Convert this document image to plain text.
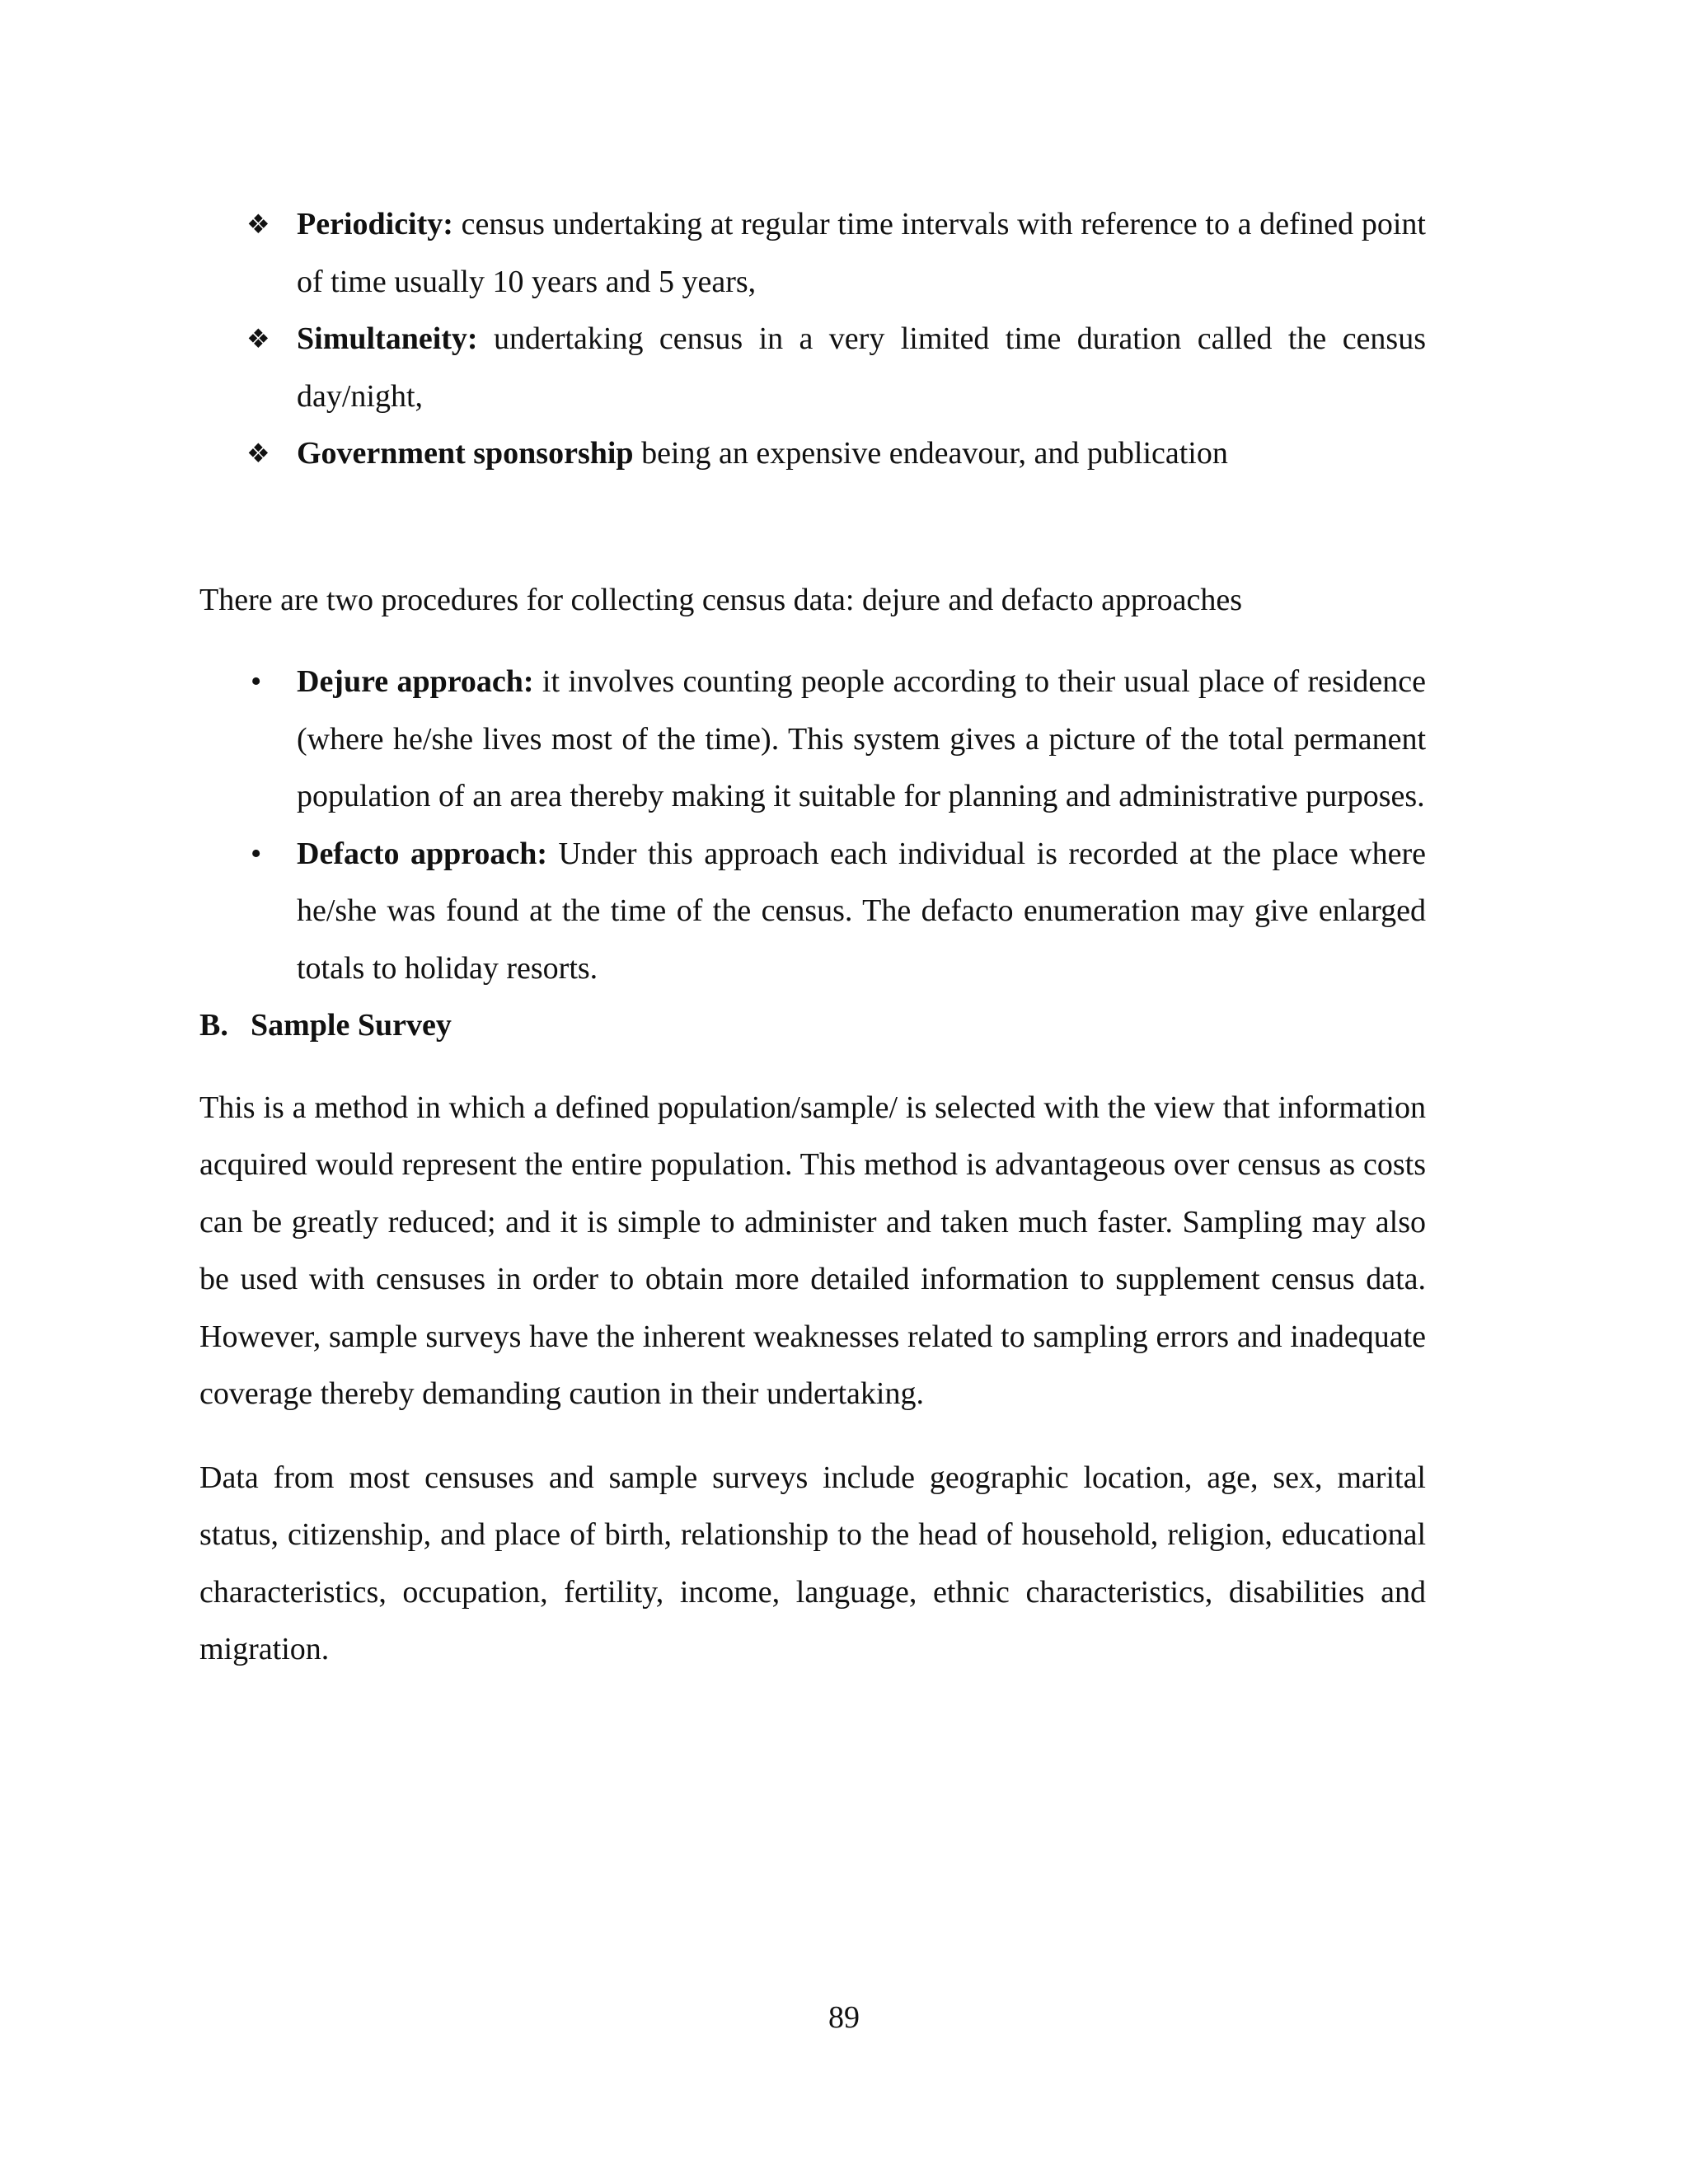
❖ Periodicity: census undertaking at regular time intervals with reference to a defined point of time usually 10 years and 5 years,
❖ Simultaneity: undertaking census in a very limited time duration called the census day/night,
❖ Government sponsorship being an expensive endeavour, and publication

There are two procedures for collecting census data: dejure and defacto approaches

• Dejure approach: it involves counting people according to their usual place of residence (where he/she lives most of the time). This system gives a picture of the total permanent population of an area thereby making it suitable for planning and administrative purposes.
• Defacto approach: Under this approach each individual is recorded at the place where he/she was found at the time of the census. The defacto enumeration may give enlarged totals to holiday resorts.
B. Sample Survey

This is a method in which a defined population/sample/ is selected with the view that information acquired would represent the entire population. This method is advantageous over census as costs can be greatly reduced; and it is simple to administer and taken much faster. Sampling may also be used with censuses in order to obtain more detailed information to supplement census data. However, sample surveys have the inherent weaknesses related to sampling errors and inadequate coverage thereby demanding caution in their undertaking.

Data from most censuses and sample surveys include geographic location, age, sex, marital status, citizenship, and place of birth, relationship to the head of household, religion, educational characteristics, occupation, fertility, income, language, ethnic characteristics, disabilities and migration.

89
